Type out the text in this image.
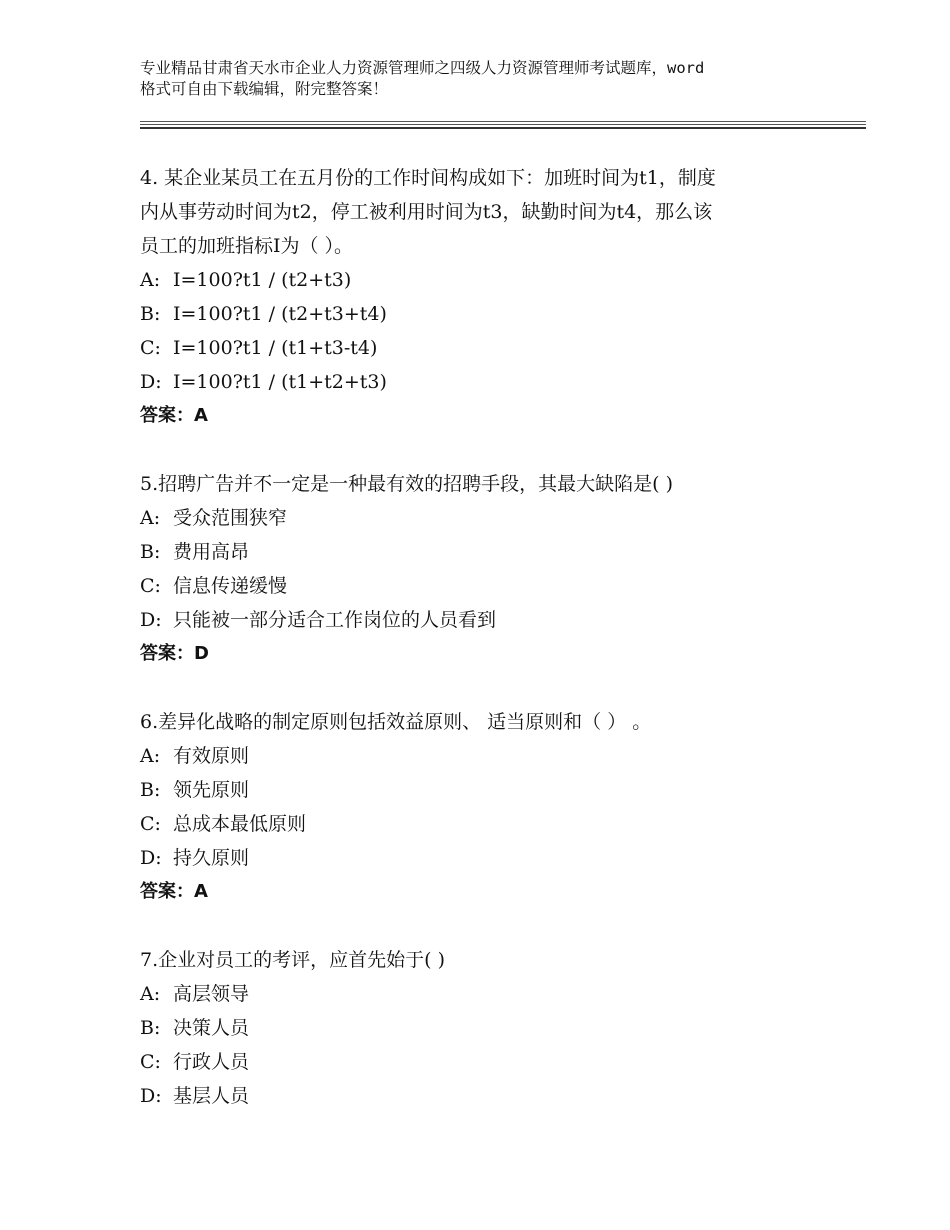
专业精品甘肃省天水市企业人力资源管理师之四级人力资源管理师考试题库，word
格式可自由下载编辑，附完整答案！
4. 某企业某员工在五月份的工作时间构成如下：加班时间为t1，制度
内从事劳动时间为t2，停工被利用时间为t3，缺勤时间为t4，那么该
员工的加班指标Ⅰ为（ ）。
A: I=100?t1 / (t2+t3)
B: I=100?t1 / (t2+t3+t4)
C: I=100?t1 / (t1+t3-t4)
D: I=100?t1 / (t1+t2+t3)
答案：A
5.招聘广告并不一定是一种最有效的招聘手段，其最大缺陷是( )
A: 受众范围狭窄
B: 费用高昂
C: 信息传递缓慢
D: 只能被一部分适合工作岗位的人员看到
答案：D
6.差异化战略的制定原则包括效益原则、 适当原则和（ ） 。
A: 有效原则
B: 领先原则
C: 总成本最低原则
D: 持久原则
答案：A
7.企业对员工的考评，应首先始于( )
A: 高层领导
B: 决策人员
C: 行政人员
D: 基层人员
